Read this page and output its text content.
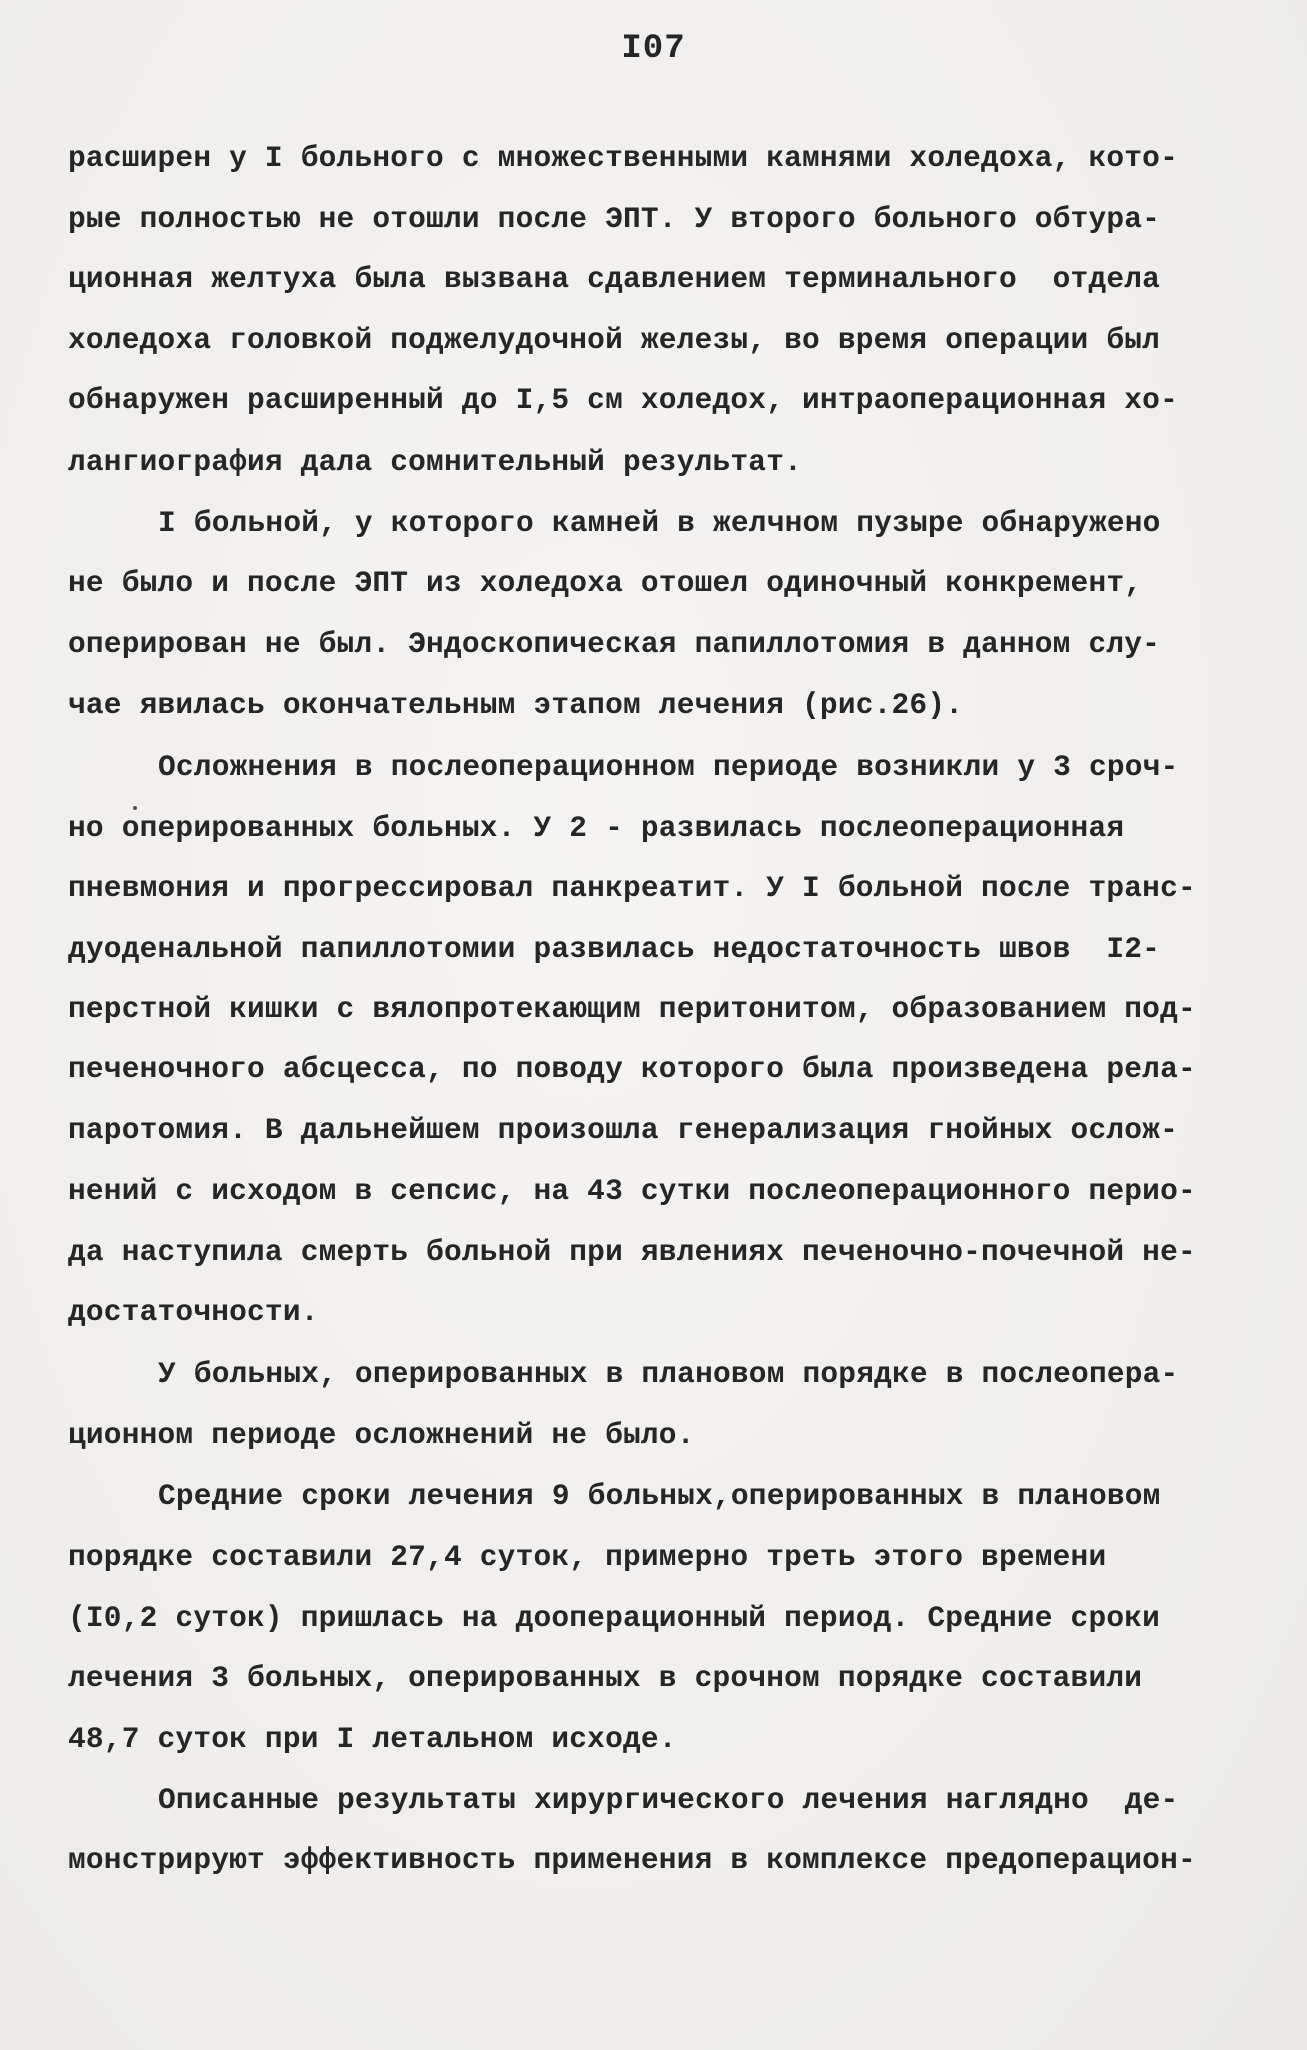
I07
расширен у I больного с множественными камнями холедоха, кото-
рые полностью не отошли после ЭПТ. У второго больного обтура-
ционная желтуха была вызвана сдавлением терминального  отдела
холедоха головкой поджелудочной железы, во время операции был
обнаружен расширенный до I,5 см холедох, интраоперационная хо-
лангиография дала сомнительный результат.
I больной, у которого камней в желчном пузыре обнаружено
не было и после ЭПТ из холедоха отошел одиночный конкремент,
оперирован не был. Эндоскопическая папиллотомия в данном слу-
чае явилась окончательным этапом лечения (рис.26).
Осложнения в послеоперационном периоде возникли у 3 сроч-
но оперированных больных. У 2 - развилась послеоперационная
пневмония и прогрессировал панкреатит. У I больной после транс-
дуоденальной папиллотомии развилась недостаточность швов  I2-
перстной кишки с вялопротекающим перитонитом, образованием под-
печеночного абсцесса, по поводу которого была произведена рела-
паротомия. В дальнейшем произошла генерализация гнойных ослож-
нений с исходом в сепсис, на 43 сутки послеоперационного перио-
да наступила смерть больной при явлениях печеночно-почечной не-
достаточности.
У больных, оперированных в плановом порядке в послеопера-
ционном периоде осложнений не было.
Средние сроки лечения 9 больных,оперированных в плановом
порядке составили 27,4 суток, примерно треть этого времени
(I0,2 суток) пришлась на дооперационный период. Средние сроки
лечения 3 больных, оперированных в срочном порядке составили
48,7 суток при I летальном исходе.
Описанные результаты хирургического лечения наглядно  де-
монстрируют эффективность применения в комплексе предоперацион-
